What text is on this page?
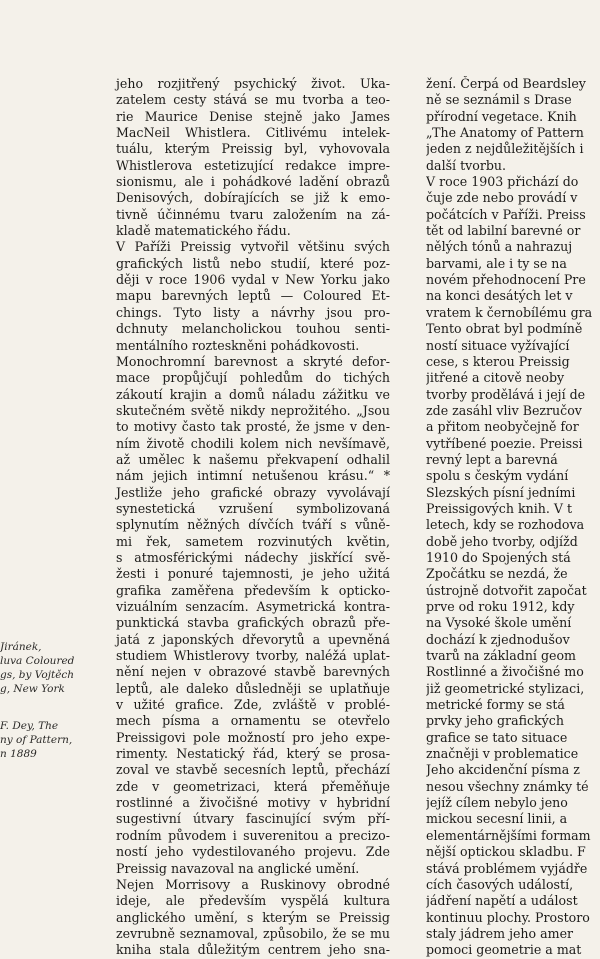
Jiránek,
luva Coloured
gs, by Vojtěch
g, New York
F. Dey, The
ny of Pattern,
n 1889
jeho rozjitřený psychický život. Uka-
zatelem cesty stává se mu tvorba a teo-
rie Maurice Denise stejně jako James
MacNeil Whistlera. Citlivému intelek-
tuálu, kterým Preissig byl, vyhovovala
Whistlerova estetizující redakce impre-
sionismu, ale i pohádkové ladění obrazů
Denisových, dobírajících se již k emo-
tivně účinnému tvaru založením na zá-
kladě matematického řádu.
V Paříži Preissig vytvořil většinu svých
grafických listů nebo studií, které poz-
ději v roce 1906 vydal v New Yorku jako
mapu barevných leptů — Coloured Et-
chings. Tyto listy a návrhy jsou pro-
dchnuty melancholickou touhou senti-
mentálního rozteskněni pohádkovosti.
Monochromní barevnost a skryté defor-
mace propůjčují pohledům do tichých
zákoutí krajin a domů náladu zážitku ve
skutečném světě nikdy neprožitého. „Jsou
to motivy často tak prosté, že jsme v den-
ním životě chodili kolem nich nevšímavě,
až umělec k našemu překvapení odhalil
nám jejich intimní netušenou krásu.“ *
Jestliže jeho grafické obrazy vyvolávají
synestetická vzrušení symbolizovaná
splynutím něžných dívčích tváří s vůně-
mi řek, sametem rozvinutých květin,
s atmosférickými nádechy jiskřící svě-
žesti i ponuré tajemnosti, je jeho užitá
grafika zaměřena především k opticko-
vizuálním senzacím. Asymetrická kontra-
punktická stavba grafických obrazů pře-
jatá z japonských dřevorytů a upevněná
studiem Whistlerovy tvorby, naléžá uplat-
nění nejen v obrazové stavbě barevných
leptů, ale daleko důsledněji se uplatňuje
v užité grafice. Zde, zvláště v problé-
mech písma a ornamentu se otevřelo
Preissigovi pole možností pro jeho expe-
rimenty. Nestatický řád, který se prosa-
zoval ve stavbě secesních leptů, přechází
zde v geometrizaci, která přeměňuje
rostlinné a živočišné motivy v hybridní
sugestivní útvary fascinující svým pří-
rodním původem i suverenitou a precizo-
ností jeho vydestilovaného projevu. Zde
Preissig navazoval na anglické umění.
Nejen Morrisovy a Ruskinovy obrodné
ideje, ale především vyspělá kultura
anglického umění, s kterým se Preissig
zevrubně seznamoval, způsobilo, že se mu
kniha stala důležitým centrem jeho sna-
žení. Čerpá od Beardsley
ně se seznámil s Drase
přírodní vegetace. Knih
„The Anatomy of Pattern
jeden z nejdůležitějších i
další tvorbu.
V roce 1903 přichází do
čuje zde nebo provádí v
počátcích v Paříži. Preiss
tět od labilní barevné or
nělých tónů a nahrazuj
barvami, ale i ty se na
novém přehodnocení Pre
na konci desátých let v
vratem k černobílému gra
Tento obrat byl podmíně
ností situace vyžívající
cese, s kterou Preissig
jitřené a citově neoby
tvorby prodělává i její de
zde zasáhl vliv Bezručov
a přitom neobyčejně for
vytříbené poezie. Preissi
revný lept a barevná
spolu s českým vydání
Slezských písní jedními
Preissigových knih. V t
letech, kdy se rozhodova
době jeho tvorby, odjížd
1910 do Spojených stá
Zpočátku se nezdá, že
ústrojně dotvořit započat
prve od roku 1912, kdy
na Vysoké škole umění
dochází k zjednodušov
tvarů na základní geom
Rostlinné a živočišné mo
již geometrické stylizaci,
metrické formy se stá
prvky jeho grafických
grafice se tato situace
značněji v problematice
Jeho akcidenční písma z
nesou všechny známky té
jejíž cílem nebylo jeno
mickou secesní linii, a
elementárnějšími formam
nější optickou skladbu. F
stává problémem vyjádře
cích časových událostí,
jádření napětí a událost
kontinuu plochy. Prostoro
staly jádrem jeho amer
pomoci geometrie a mat
